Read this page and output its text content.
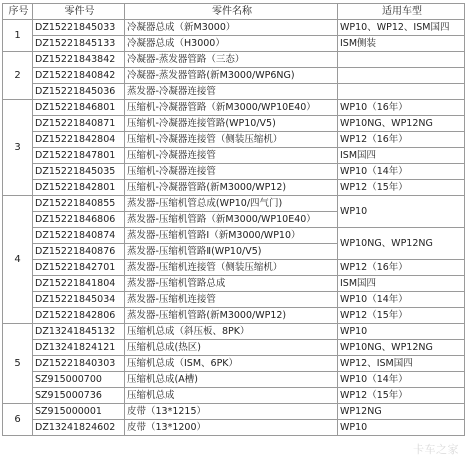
序号	零件号	零件名称	适用车型
1	DZ15221845033	冷凝器总成（新M3000）	WP10、WP12、ISM国四
	DZ15221845133	冷凝器总成（H3000）	ISM侧装
2	DZ15221843842	冷凝器-蒸发器管路（三态）	
	DZ15221840842	冷凝器-蒸发器管路(新M3000/WP6NG)	
	DZ15221845036	蒸发器-冷凝器连接管	
3	DZ15221846801	压缩机-冷凝器管路（新M3000/WP10E40）	WP10（16年）
	DZ15221840871	压缩机-冷凝器连接管路(WP10/V5)	WP10NG、WP12NG
	DZ15221842804	压缩机-冷凝器连接管（侧装压缩机）	WP12（16年）
	DZ15221847801	压缩机-冷凝器连接管	ISM国四
	DZ15221845035	压缩机-冷凝器连接管	WP10（14年）
	DZ15221842801	压缩机-冷凝器管路(新M3000/WP12)	WP12（15年）
4	DZ15221840855	蒸发器-压缩机管总成(WP10/四气门)	WP10
	DZ15221846806	蒸发器-压缩机管路（新M3000/WP10E40）	
	DZ15221840874	蒸发器-压缩机管路Ⅰ（新M3000/WP10）	WP10NG、WP12NG
	DZ15221840876	蒸发器-压缩机管路Ⅱ(WP10/V5)	
	DZ15221842701	蒸发器-压缩机连接管（侧装压缩机）	WP12（16年）
	DZ15221841804	蒸发器-压缩机管路总成	ISM国四
	DZ15221845034	蒸发器-压缩机连接管	WP10（14年）
	DZ15221842806	蒸发器-压缩机管路(新M3000/WP12)	WP12（15年）
5	DZ13241845132	压缩机总成（斜压板、8PK）	WP10
	DZ13241824121	压缩机总成(热区)	WP10NG、WP12NG
	DZ15221840303	压缩机总成（ISM、6PK）	WP12、ISM国四
	SZ915000700	压缩机总成(A槽)	WP10（14年）
	SZ915000736	压缩机总成	WP12（15年）
6	SZ915000001	皮带（13*1215）	WP12NG
	DZ13241824602	皮带（13*1200）	WP10
卡车之家
